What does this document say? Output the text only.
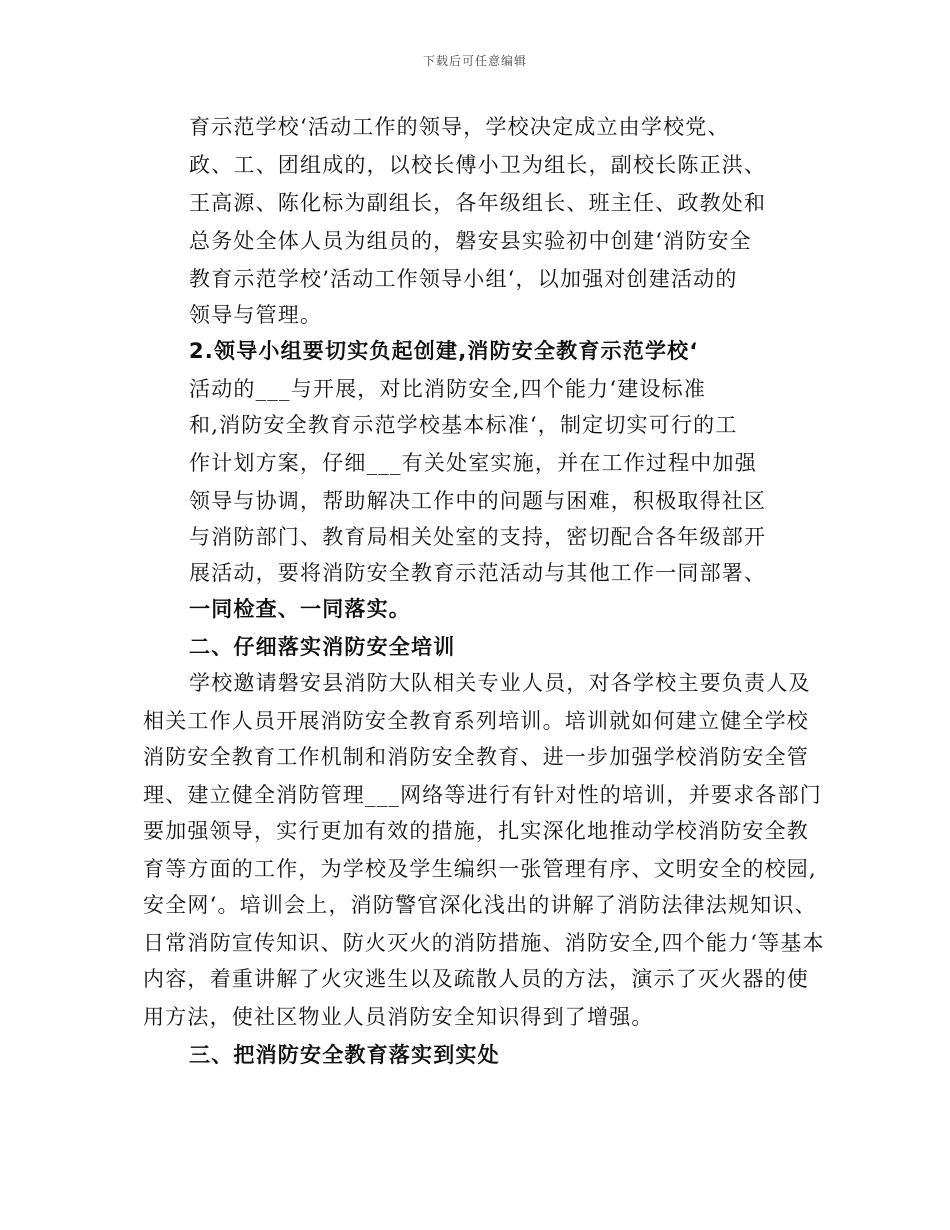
下载后可任意编辑
育示范学校‘活动工作的领导，学校决定成立由学校党、
政、工、团组成的，以校长傅小卫为组长，副校长陈正洪、
王高源、陈化标为副组长，各年级组长、班主任、政教处和
总务处全体人员为组员的，磐安县实验初中创建‘消防安全
教育示范学校’活动工作领导小组‘，以加强对创建活动的
领导与管理。
2.领导小组要切实负起创建,消防安全教育示范学校‘
活动的___与开展，对比消防安全,四个能力‘建设标准
和,消防安全教育示范学校基本标准‘，制定切实可行的工
作计划方案，仔细___有关处室实施，并在工作过程中加强
领导与协调，帮助解决工作中的问题与困难，积极取得社区
与消防部门、教育局相关处室的支持，密切配合各年级部开
展活动，要将消防安全教育示范活动与其他工作一同部署、
一同检查、一同落实。
二、仔细落实消防安全培训
学校邀请磐安县消防大队相关专业人员，对各学校主要负责人及
相关工作人员开展消防安全教育系列培训。培训就如何建立健全学校
消防安全教育工作机制和消防安全教育、进一步加强学校消防安全管
理、建立健全消防管理___网络等进行有针对性的培训，并要求各部门
要加强领导，实行更加有效的措施，扎实深化地推动学校消防安全教
育等方面的工作，为学校及学生编织一张管理有序、文明安全的校园,
安全网‘。培训会上，消防警官深化浅出的讲解了消防法律法规知识、
日常消防宣传知识、防火灭火的消防措施、消防安全,四个能力‘等基本
内容，着重讲解了火灾逃生以及疏散人员的方法，演示了灭火器的使
用方法，使社区物业人员消防安全知识得到了增强。
三、把消防安全教育落实到实处
